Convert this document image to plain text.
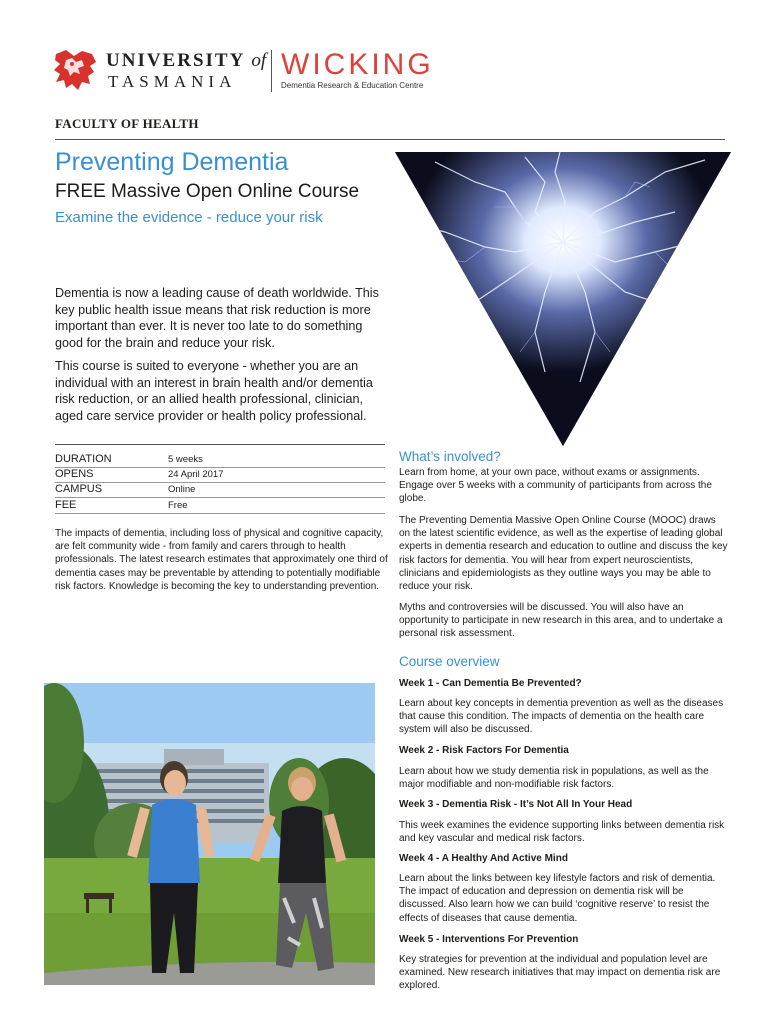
UNIVERSITY of
TASMANIA
WICKING
Dementia Research & Education Centre
FACULTY OF HEALTH
Preventing Dementia
FREE Massive Open Online Course
Examine the evidence - reduce your risk
Dementia is now a leading cause of death worldwide. This key public health issue means that risk reduction is more important than ever. It is never too late to do something good for the brain and reduce your risk.
This course is suited to everyone - whether you are an individual with an interest in brain health and/or dementia risk reduction, or an allied health professional, clinician, aged care service provider or health policy professional.
DURATION	5 weeks
OPENS	24 April 2017
CAMPUS	Online
FEE	Free
The impacts of dementia, including loss of physical and cognitive capacity, are felt community wide - from family and carers through to health professionals. The latest research estimates that approximately one third of dementia cases may be preventable by attending to potentially modifiable risk factors. Knowledge is becoming the key to understanding prevention.
What’s involved?
Learn from home, at your own pace, without exams or assignments. Engage over 5 weeks with a community of participants from across the globe.
The Preventing Dementia Massive Open Online Course (MOOC) draws on the latest scientific evidence, as well as the expertise of leading global experts in dementia research and education to outline and discuss the key risk factors for dementia. You will hear from expert neuroscientists, clinicians and epidemiologists as they outline ways you may be able to reduce your risk.
Myths and controversies will be discussed. You will also have an opportunity to participate in new research in this area, and to undertake a personal risk assessment.
Course overview
Week 1 - Can Dementia Be Prevented?
Learn about key concepts in dementia prevention as well as the diseases that cause this condition. The impacts of dementia on the health care system will also be discussed.
Week 2 - Risk Factors For Dementia
Learn about how we study dementia risk in populations, as well as the major modifiable and non-modifiable risk factors.
Week 3 - Dementia Risk - It’s Not All In Your Head
This week examines the evidence supporting links between dementia risk and key vascular and medical risk factors.
Week 4 - A Healthy And Active Mind
Learn about the links between key lifestyle factors and risk of dementia. The impact of education and depression on dementia risk will be discussed. Also learn how we can build ‘cognitive reserve’ to resist the effects of diseases that cause dementia.
Week 5 - Interventions For Prevention
Key strategies for prevention at the individual and population level are examined. New research initiatives that may impact on dementia risk are explored.
